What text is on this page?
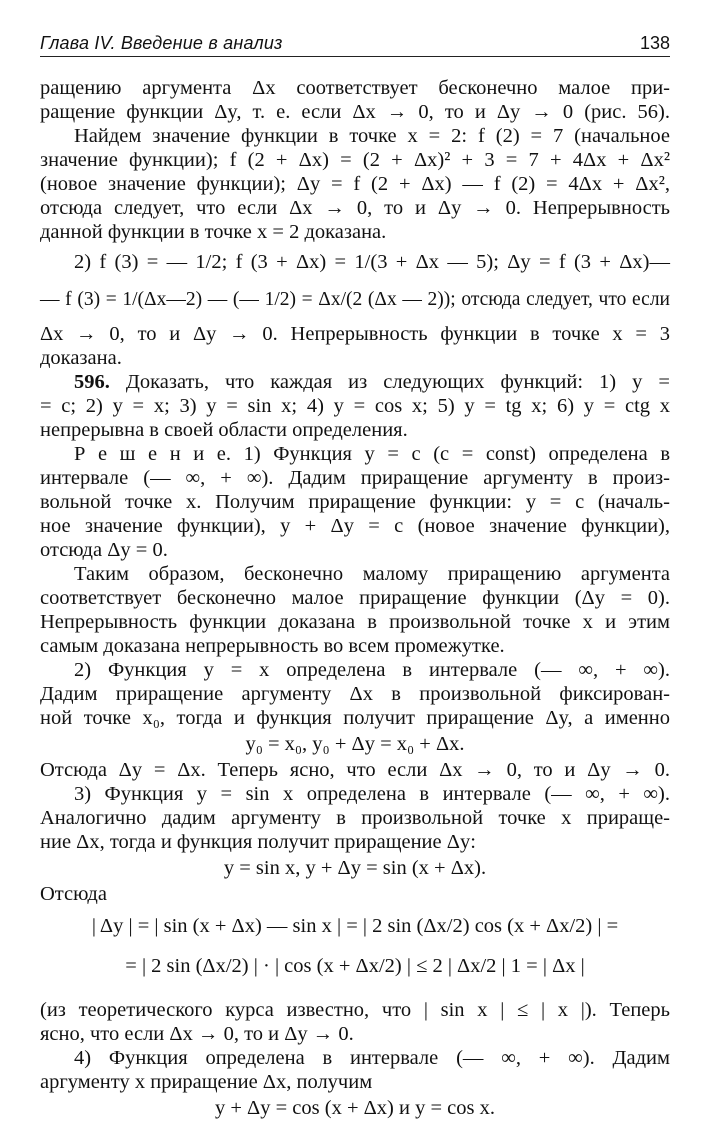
Глава IV. Введение в анализ	138
ращению аргумента Δx соответствует бесконечно малое при-
ращение функции Δy, т. е. если Δx → 0, то и Δy → 0 (рис. 56).
Найдем значение функции в точке x = 2: f (2) = 7 (начальное
значение функции); f (2 + Δx) = (2 + Δx)² + 3 = 7 + 4Δx + Δx²
(новое значение функции); Δy = f (2 + Δx) — f (2) = 4Δx + Δx²,
отсюда следует, что если Δx → 0, то и Δy → 0. Непрерывность
данной функции в точке x = 2 доказана.
2) f (3) = — 1/2; f (3 + Δx) = 1/(3 + Δx — 5); Δy = f (3 + Δx)—
— f (3) = 1/(Δx—2) — (— 1/2) = Δx/(2 (Δx — 2)); отсюда следует, что если
Δx → 0, то и Δy → 0. Непрерывность функции в точке x = 3
доказана.
596. Доказать, что каждая из следующих функций: 1) y =
= c; 2) y = x; 3) y = sin x; 4) y = cos x; 5) y = tg x; 6) y = ctg x
непрерывна в своей области определения.
Р е ш е н и е. 1) Функция y = c (c = const) определена в
интервале (— ∞, + ∞). Дадим приращение аргументу в произ-
вольной точке x. Получим приращение функции: y = c (началь-
ное значение функции), y + Δy = c (новое значение функции),
отсюда Δy = 0.
Таким образом, бесконечно малому приращению аргумента
соответствует бесконечно малое приращение функции (Δy = 0).
Непрерывность функции доказана в произвольной точке x и этим
самым доказана непрерывность во всем промежутке.
2) Функция y = x определена в интервале (— ∞, + ∞).
Дадим приращение аргументу Δx в произвольной фиксирован-
ной точке x₀, тогда и функция получит приращение Δy, а именно
y₀ = x₀, y₀ + Δy = x₀ + Δx.
Отсюда Δy = Δx. Теперь ясно, что если Δx → 0, то и Δy → 0.
3) Функция y = sin x определена в интервале (— ∞, + ∞).
Аналогично дадим аргументу в произвольной точке x прираще-
ние Δx, тогда и функция получит приращение Δy:
y = sin x, y + Δy = sin (x + Δx).
Отсюда
| Δy | = | sin (x + Δx) — sin x | = | 2 sin (Δx/2) cos (x + Δx/2) | =
= | 2 sin (Δx/2) | · | cos (x + Δx/2) | ≤ 2 | Δx/2 | 1 = | Δx |
(из теоретического курса известно, что | sin x | ≤ | x |). Теперь
ясно, что если Δx → 0, то и Δy → 0.
4) Функция определена в интервале (— ∞, + ∞). Дадим
аргументу x приращение Δx, получим
y + Δy = cos (x + Δx) и y = cos x.
